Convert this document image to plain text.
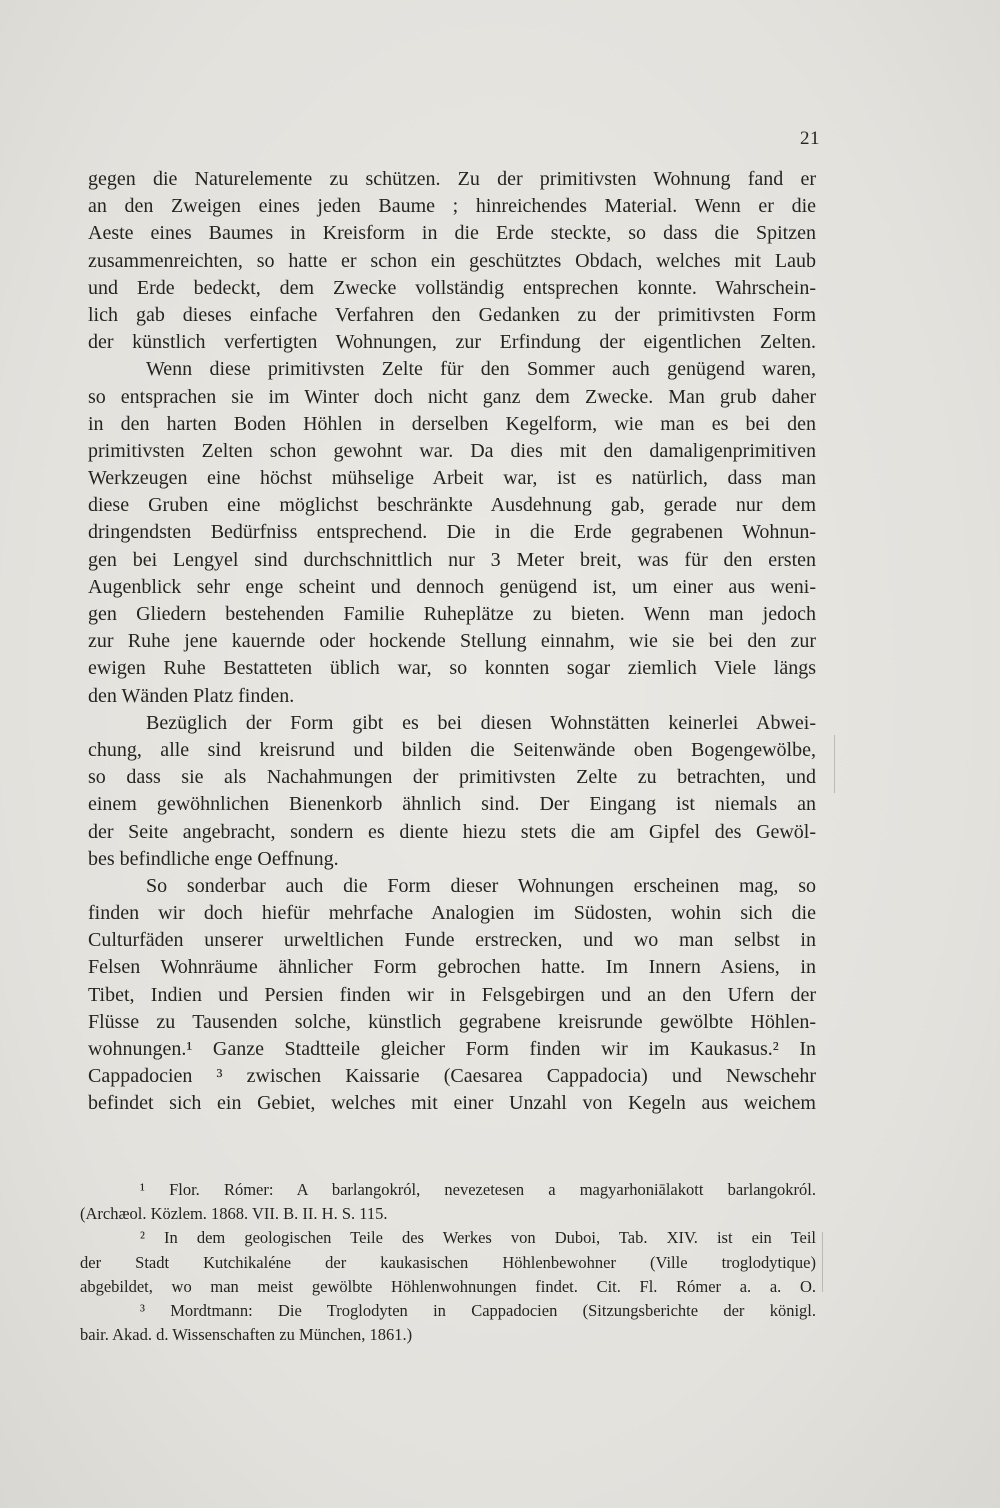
21
gegen die Naturelemente zu schützen. Zu der primitivsten Wohnung fand er
an den Zweigen eines jeden Baume ; hinreichendes Material. Wenn er die
Aeste eines Baumes in Kreisform in die Erde steckte, so dass die Spitzen
zusammenreichten, so hatte er schon ein geschütztes Obdach, welches mit Laub
und Erde bedeckt, dem Zwecke vollständig entsprechen konnte. Wahrschein-
lich gab dieses einfache Verfahren den Gedanken zu der primitivsten Form
der künstlich verfertigten Wohnungen, zur Erfindung der eigentlichen Zelten.
Wenn diese primitivsten Zelte für den Sommer auch genügend waren,
so entsprachen sie im Winter doch nicht ganz dem Zwecke. Man grub daher
in den harten Boden Höhlen in derselben Kegelform, wie man es bei den
primitivsten Zelten schon gewohnt war. Da dies mit den damaligenprimitiven
Werkzeugen eine höchst mühselige Arbeit war, ist es natürlich, dass man
diese Gruben eine möglichst beschränkte Ausdehnung gab, gerade nur dem
dringendsten Bedürfniss entsprechend. Die in die Erde gegrabenen Wohnun-
gen bei Lengyel sind durchschnittlich nur 3 Meter breit, was für den ersten
Augenblick sehr enge scheint und dennoch genügend ist, um einer aus weni-
gen Gliedern bestehenden Familie Ruheplätze zu bieten. Wenn man jedoch
zur Ruhe jene kauernde oder hockende Stellung einnahm, wie sie bei den zur
ewigen Ruhe Bestatteten üblich war, so konnten sogar ziemlich Viele längs
den Wänden Platz finden.
Bezüglich der Form gibt es bei diesen Wohnstätten keinerlei Abwei-
chung, alle sind kreisrund und bilden die Seitenwände oben Bogengewölbe,
so dass sie als Nachahmungen der primitivsten Zelte zu betrachten, und
einem gewöhnlichen Bienenkorb ähnlich sind. Der Eingang ist niemals an
der Seite angebracht, sondern es diente hiezu stets die am Gipfel des Gewöl-
bes befindliche enge Oeffnung.
So sonderbar auch die Form dieser Wohnungen erscheinen mag, so
finden wir doch hiefür mehrfache Analogien im Südosten, wohin sich die
Culturfäden unserer urweltlichen Funde erstrecken, und wo man selbst in
Felsen Wohnräume ähnlicher Form gebrochen hatte. Im Innern Asiens, in
Tibet, Indien und Persien finden wir in Felsgebirgen und an den Ufern der
Flüsse zu Tausenden solche, künstlich gegrabene kreisrunde gewölbte Höhlen-
wohnungen.¹ Ganze Stadtteile gleicher Form finden wir im Kaukasus.² In
Cappadocien ³ zwischen Kaissarie (Caesarea Cappadocia) und Newschehr
befindet sich ein Gebiet, welches mit einer Unzahl von Kegeln aus weichem
¹ Flor. Rómer: A barlangokról, nevezetesen a magyarhoniālakott barlangokról.
(Archæol. Közlem. 1868. VII. B. II. H. S. 115.
² In dem geologischen Teile des Werkes von Duboi, Tab. XIV. ist ein Teil
der Stadt Kutchikaléne der kaukasischen Höhlenbewohner (Ville troglodytique)
abgebildet, wo man meist gewölbte Höhlenwohnungen findet. Cit. Fl. Rómer a. a. O.
³ Mordtmann: Die Troglodyten in Cappadocien (Sitzungsberichte der königl.
bair. Akad. d. Wissenschaften zu München, 1861.)
